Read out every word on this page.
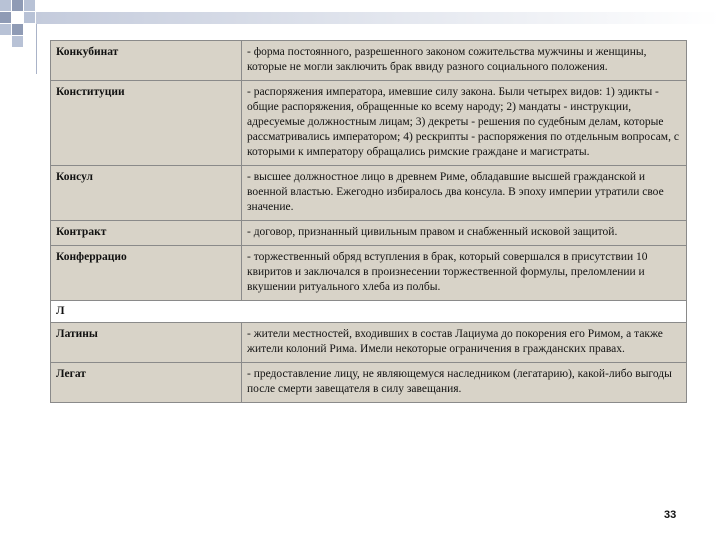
Конкубинат	- форма постоянного, разрешенного законом сожительства мужчины и женщины, которые не могли заключить брак ввиду разного социального положения.
Конституции	- распоряжения императора, имевшие силу закона. Были четырех видов: 1) эдикты - общие распоряжения, обращенные ко всему народу; 2) мандаты - инструкции, адресуемые должностным лицам; 3) декреты - решения по судебным делам, которые рассматривались императором; 4) рескрипты - распоряжения по отдельным вопросам, с которыми к императору обращались римские граждане и магистраты.
Консул	- высшее должностное лицо в древнем Риме, обладавшие высшей гражданской и военной властью. Ежегодно избиралось два консула. В эпоху империи утратили свое значение.
Контракт	- договор, признанный цивильным правом и снабженный исковой защитой.
Конферрацио	- торжественный обряд вступления в брак, который совершался в присутствии 10 квиритов и заключался в произнесении торжественной формулы, преломлении и вкушении ритуального хлеба из полбы.
Л	
Латины	- жители местностей, входивших в состав Лациума до покорения его Римом, а также жители колоний Рима. Имели некоторые ограничения в гражданских правах.
Легат	- предоставление лицу, не являющемуся наследником (легатарию), какой-либо выгоды после смерти завещателя в силу завещания.
33
